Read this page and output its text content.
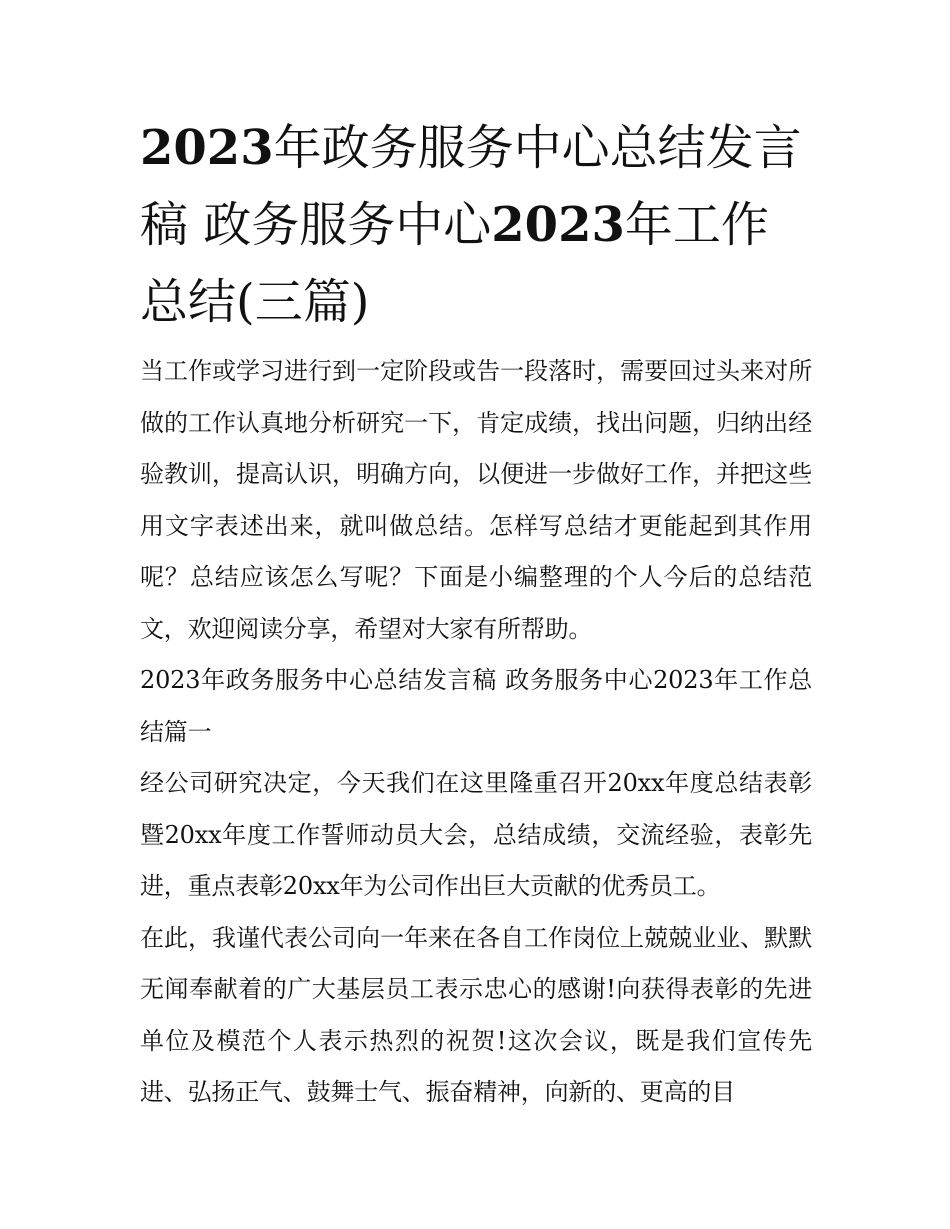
2023年政务服务中心总结发言稿 政务服务中心2023年工作总结(三篇)

当工作或学习进行到一定阶段或告一段落时，需要回过头来对所做的工作认真地分析研究一下，肯定成绩，找出问题，归纳出经验教训，提高认识，明确方向，以便进一步做好工作，并把这些用文字表述出来，就叫做总结。怎样写总结才更能起到其作用呢？总结应该怎么写呢？下面是小编整理的个人今后的总结范文，欢迎阅读分享，希望对大家有所帮助。

2023年政务服务中心总结发言稿 政务服务中心2023年工作总结篇一

经公司研究决定，今天我们在这里隆重召开20xx年度总结表彰暨20xx年度工作誓师动员大会，总结成绩，交流经验，表彰先进，重点表彰20xx年为公司作出巨大贡献的优秀员工。

在此，我谨代表公司向一年来在各自工作岗位上兢兢业业、默默无闻奉献着的广大基层员工表示忠心的感谢!向获得表彰的先进单位及模范个人表示热烈的祝贺!这次会议，既是我们宣传先进、弘扬正气、鼓舞士气、振奋精神，向新的、更高的目
